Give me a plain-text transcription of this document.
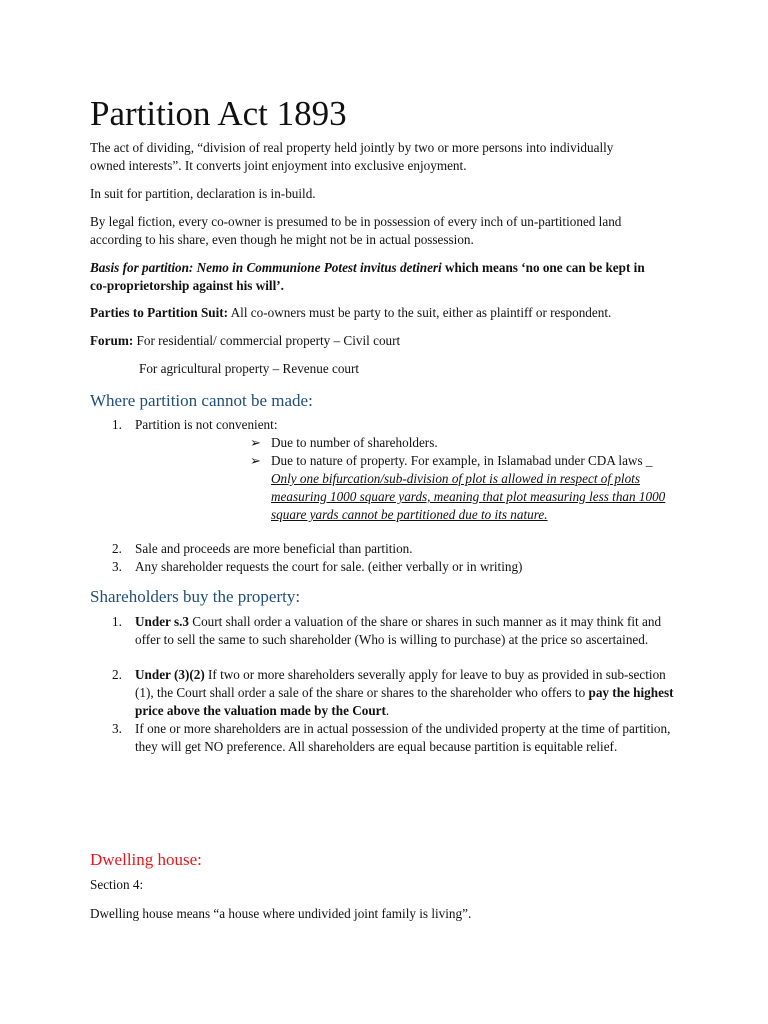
Partition Act 1893

The act of dividing, “division of real property held jointly by two or more persons into individually owned interests”. It converts joint enjoyment into exclusive enjoyment.

In suit for partition, declaration is in-build.

By legal fiction, every co-owner is presumed to be in possession of every inch of un-partitioned land according to his share, even though he might not be in actual possession.

Basis for partition: Nemo in Communione Potest invitus detineri which means ‘no one can be kept in co-proprietorship against his will’.

Parties to Partition Suit: All co-owners must be party to the suit, either as plaintiff or respondent.

Forum: For residential/ commercial property – Civil court

For agricultural property – Revenue court

Where partition cannot be made:
1. Partition is not convenient:
➢ Due to number of shareholders.
➢ Due to nature of property. For example, in Islamabad under CDA laws _
Only one bifurcation/sub-division of plot is allowed in respect of plots measuring 1000 square yards, meaning that plot measuring less than 1000 square yards cannot be partitioned due to its nature.
2. Sale and proceeds are more beneficial than partition.
3. Any shareholder requests the court for sale. (either verbally or in writing)
Shareholders buy the property:
1. Under s.3 Court shall order a valuation of the share or shares in such manner as it may think fit and offer to sell the same to such shareholder (Who is willing to purchase) at the price so ascertained.
2. Under (3)(2) If two or more shareholders severally apply for leave to buy as provided in sub-section (1), the Court shall order a sale of the share or shares to the shareholder who offers to pay the highest price above the valuation made by the Court.
3. If one or more shareholders are in actual possession of the undivided property at the time of partition, they will get NO preference. All shareholders are equal because partition is equitable relief.
Dwelling house:

Section 4:

Dwelling house means “a house where undivided joint family is living”.
